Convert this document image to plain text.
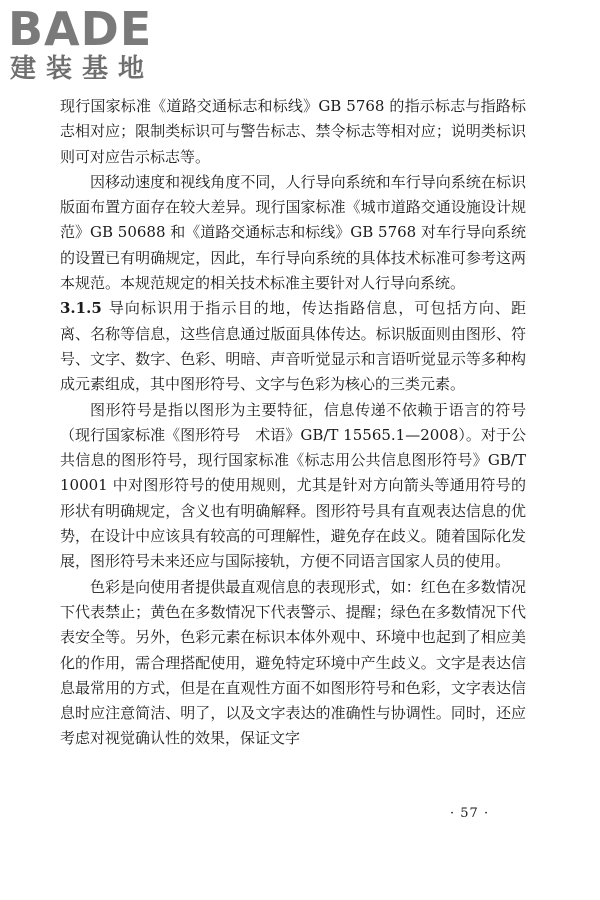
BADE
建装基地

现行国家标准《道路交通标志和标线》GB 5768 的指示标志与指路标志相对应；限制类标识可与警告标志、禁令标志等相对应；说明类标识则可对应告示标志等。

因移动速度和视线角度不同，人行导向系统和车行导向系统在标识版面布置方面存在较大差异。现行国家标准《城市道路交通设施设计规范》GB 50688 和《道路交通标志和标线》GB 5768 对车行导向系统的设置已有明确规定，因此，车行导向系统的具体技术标准可参考这两本规范。本规范规定的相关技术标准主要针对人行导向系统。

3.1.5 导向标识用于指示目的地，传达指路信息，可包括方向、距离、名称等信息，这些信息通过版面具体传达。标识版面则由图形、符号、文字、数字、色彩、明暗、声音听觉显示和言语听觉显示等多种构成元素组成，其中图形符号、文字与色彩为核心的三类元素。

图形符号是指以图形为主要特征，信息传递不依赖于语言的符号（现行国家标准《图形符号　术语》GB/T 15565.1—2008）。对于公共信息的图形符号，现行国家标准《标志用公共信息图形符号》GB/T 10001 中对图形符号的使用规则，尤其是针对方向箭头等通用符号的形状有明确规定，含义也有明确解释。图形符号具有直观表达信息的优势，在设计中应该具有较高的可理解性，避免存在歧义。随着国际化发展，图形符号未来还应与国际接轨，方便不同语言国家人员的使用。

色彩是向使用者提供最直观信息的表现形式，如：红色在多数情况下代表禁止；黄色在多数情况下代表警示、提醒；绿色在多数情况下代表安全等。另外，色彩元素在标识本体外观中、环境中也起到了相应美化的作用，需合理搭配使用，避免特定环境中产生歧义。文字是表达信息最常用的方式，但是在直观性方面不如图形符号和色彩，文字表达信息时应注意简洁、明了，以及文字表达的准确性与协调性。同时，还应考虑对视觉确认性的效果，保证文字

· 57 ·
